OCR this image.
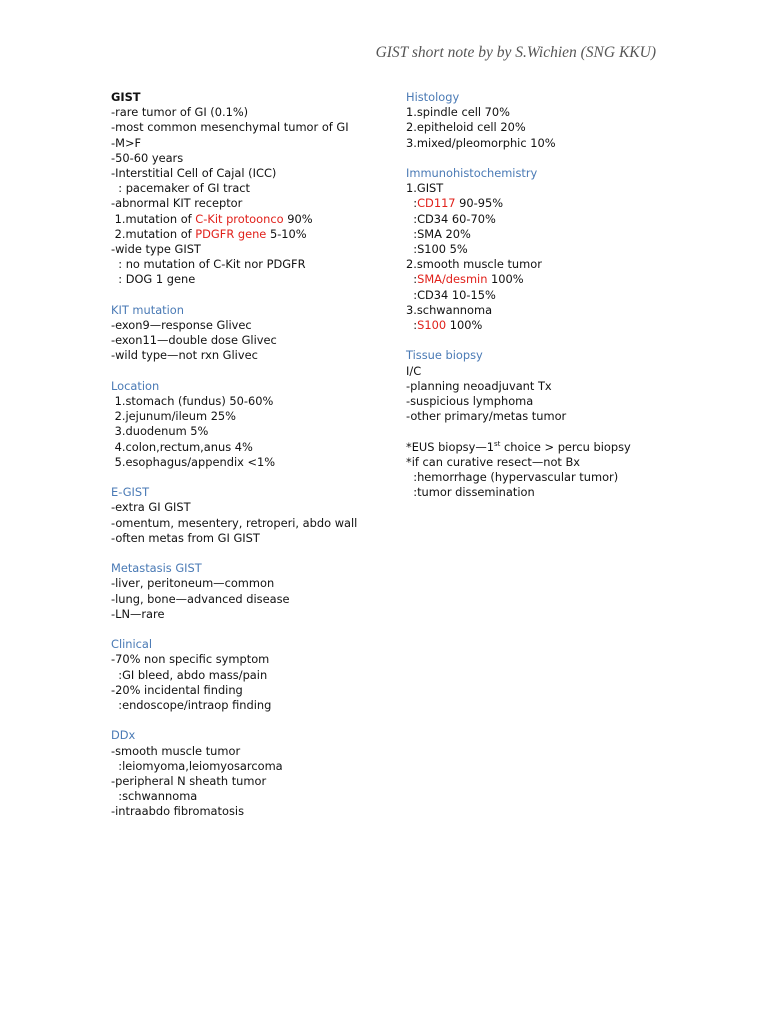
GIST short note by by S.Wichien (SNG KKU)
GIST
-rare tumor of GI (0.1%)
-most common mesenchymal tumor of GI
-M>F
-50-60 years
-Interstitial Cell of Cajal (ICC)
: pacemaker of GI tract
-abnormal KIT receptor
1.mutation of C-Kit protoonco 90%
2.mutation of PDGFR gene 5-10%
-wide type GIST
: no mutation of C-Kit nor PDGFR
: DOG 1 gene
KIT mutation
-exon9—response Glivec
-exon11—double dose Glivec
-wild type—not rxn Glivec
Location
1.stomach (fundus) 50-60%
2.jejunum/ileum 25%
3.duodenum 5%
4.colon,rectum,anus 4%
5.esophagus/appendix <1%
E-GIST
-extra GI GIST
-omentum, mesentery, retroperi, abdo wall
-often metas from GI GIST
Metastasis GIST
-liver, peritoneum—common
-lung, bone—advanced disease
-LN—rare
Clinical
-70% non specific symptom
:GI bleed, abdo mass/pain
-20% incidental finding
:endoscope/intraop finding
DDx
-smooth muscle tumor
:leiomyoma,leiomyosarcoma
-peripheral N sheath tumor
:schwannoma
-intraabdo fibromatosis
Histology
1.spindle cell 70%
2.epitheloid cell 20%
3.mixed/pleomorphic 10%
Immunohistochemistry
1.GIST
:CD117 90-95%
:CD34 60-70%
:SMA 20%
:S100 5%
2.smooth muscle tumor
:SMA/desmin 100%
:CD34 10-15%
3.schwannoma
:S100 100%
Tissue biopsy
I/C
-planning neoadjuvant Tx
-suspicious lymphoma
-other primary/metas tumor
*EUS biopsy—1st choice > percu biopsy
*if can curative resect—not Bx
:hemorrhage (hypervascular tumor)
:tumor dissemination
